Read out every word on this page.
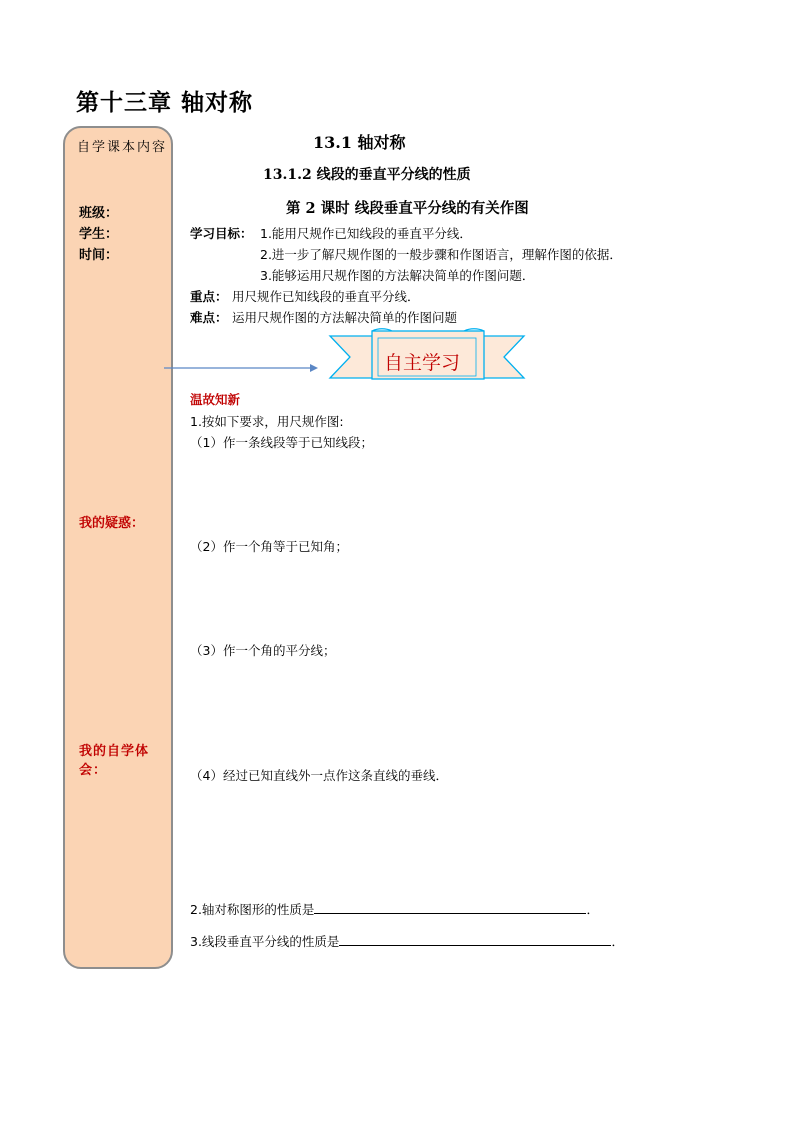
第十三章 轴对称
自学课本内容
班级：
学生：
时间：
我的疑惑：
我的自学体会：
13.1 轴对称
13.1.2 线段的垂直平分线的性质
第 2 课时 线段垂直平分线的有关作图
学习目标： 1.能用尺规作已知线段的垂直平分线．
2.进一步了解尺规作图的一般步骤和作图语言，理解作图的依据．
3.能够运用尺规作图的方法解决简单的作图问题．
重点： 用尺规作已知线段的垂直平分线．
难点： 运用尺规作图的方法解决简单的作图问题
自主学习
温故知新
1.按如下要求，用尺规作图:
（1）作一条线段等于已知线段；
（2）作一个角等于已知角；
（3）作一个角的平分线；
（4）经过已知直线外一点作这条直线的垂线．
2.轴对称图形的性质是	．
3.线段垂直平分线的性质是	．
